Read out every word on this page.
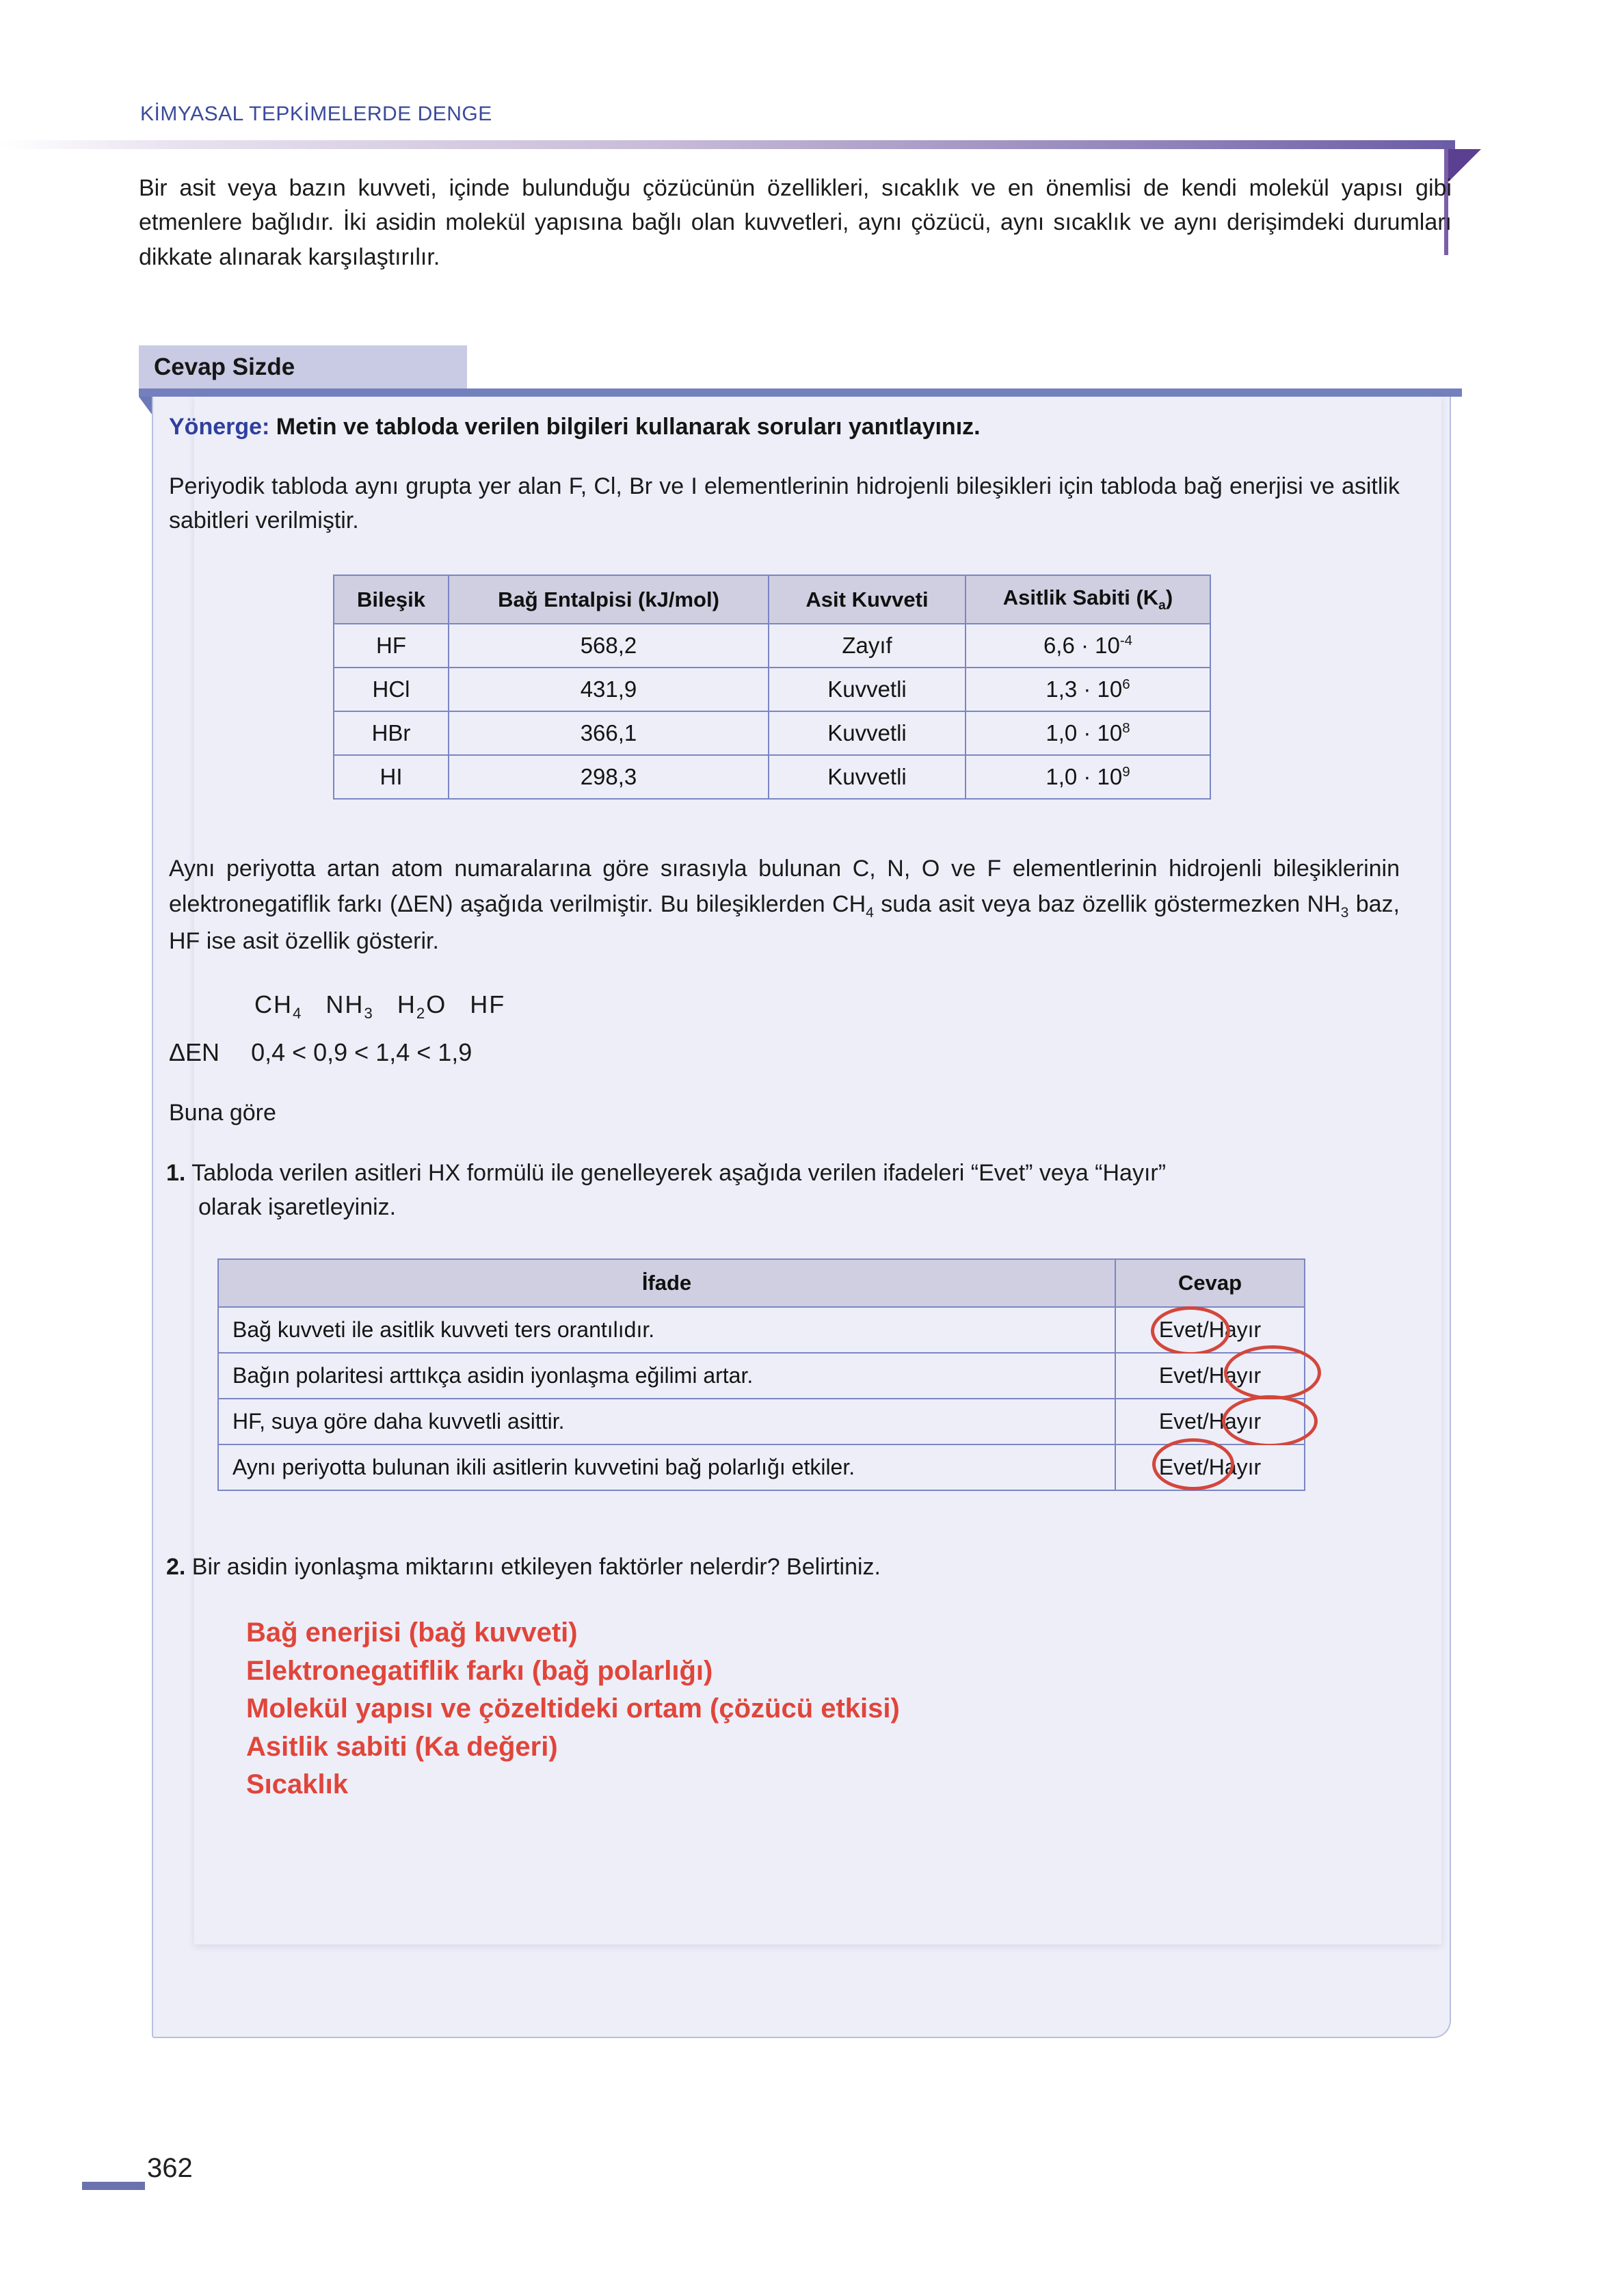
KİMYASAL TEPKİMELERDE DENGE

Bir asit veya bazın kuvveti, içinde bulunduğu çözücünün özellikleri, sıcaklık ve en önemlisi de kendi molekül yapısı gibi etmenlere bağlıdır. İki asidin molekül yapısına bağlı olan kuvvetleri, aynı çözücü, aynı sıcaklık ve aynı derişimdeki durumları dikkate alınarak karşılaştırılır.

Cevap Sizde
Yönerge: Metin ve tabloda verilen bilgileri kullanarak soruları yanıtlayınız.
Periyodik tabloda aynı grupta yer alan F, Cl, Br ve I elementlerinin hidrojenli bileşikleri için tabloda bağ enerjisi ve asitlik sabitleri verilmiştir.
Bileşik	Bağ Entalpisi (kJ/mol)	Asit Kuvveti	Asitlik Sabiti $(K_a)$
HF	568,2	Zayıf	$6,6 \cdot 10^{-4}$
HCl	431,9	Kuvvetli	$1,3 \cdot 10^6$
HBr	366,1	Kuvvetli	$1,0 \cdot 10^8$
HI	298,3	Kuvvetli	$1,0 \cdot 10^9$
Aynı periyotta artan atom numaralarına göre sırasıyla bulunan C, N, O ve F elementlerinin hidrojenli bileşiklerinin elektronegatiflik farkı (ΔEN) aşağıda verilmiştir. Bu bileşiklerden $CH_4$ suda asit veya baz özellik göstermezken $NH_3$ baz, HF ise asit özellik gösterir.
$CH_4$ $NH_3$ $H_2O$ HF
ΔEN 0,4 < 0,9 < 1,4 < 1,9
Buna göre
1. Tabloda verilen asitleri HX formülü ile genelleyerek aşağıda verilen ifadeleri “Evet” veya “Hayır”
olarak işaretleyiniz.
İfade	Cevap
Bağ kuvveti ile asitlik kuvveti ters orantılıdır.	Evet/Hayır

Bağın polaritesi arttıkça asidin iyonlaşma eğilimi artar.	Evet/Hayır

HF, suya göre daha kuvvetli asittir.	Evet/Hayır

Aynı periyotta bulunan ikili asitlerin kuvvetini bağ polarlığı etkiler.	Evet/Hayır
2. Bir asidin iyonlaşma miktarını etkileyen faktörler nelerdir? Belirtiniz.
Bağ enerjisi (bağ kuvveti)
Elektronegatiflik farkı (bağ polarlığı)
Molekül yapısı ve çözeltideki ortam (çözücü etkisi)
Asitlik sabiti (Ka değeri)
Sıcaklık
362
